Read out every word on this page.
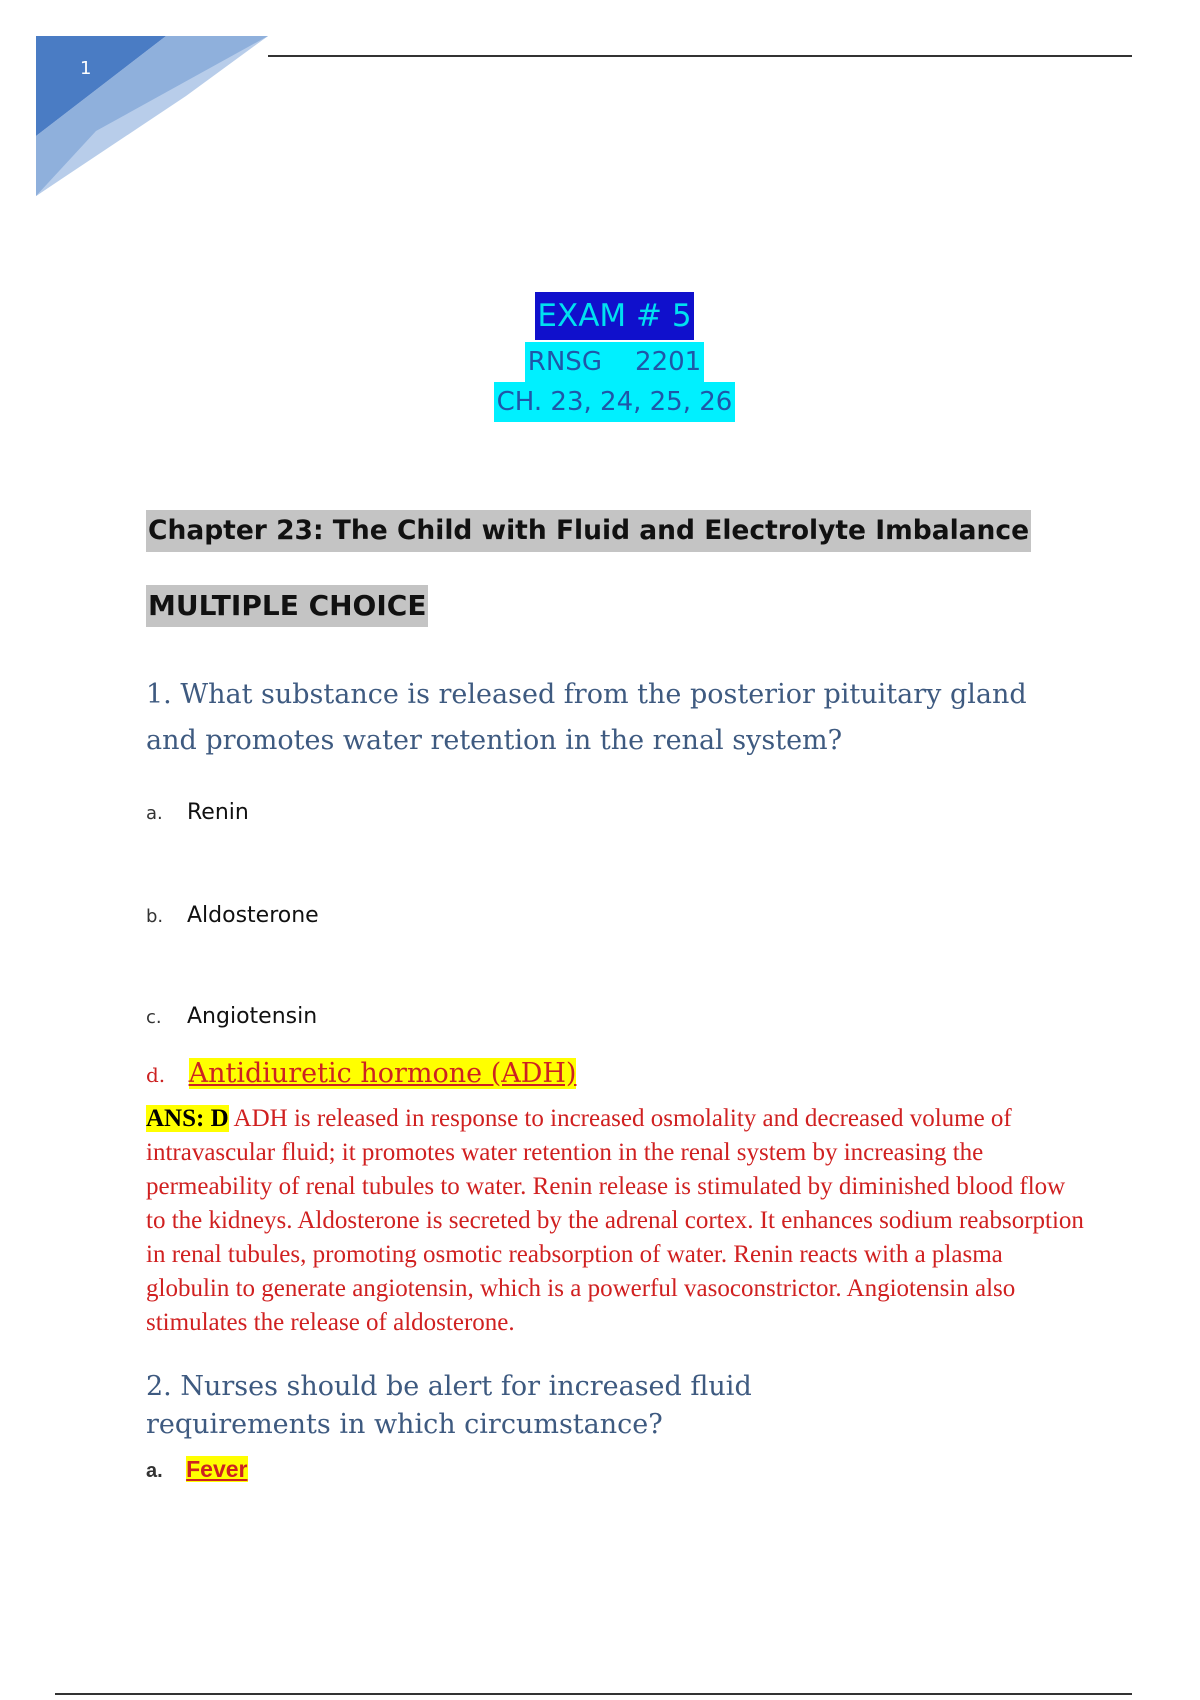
1
EXAM # 5
RNSG    2201
CH. 23, 24, 25, 26
Chapter 23: The Child with Fluid and Electrolyte Imbalance
MULTIPLE CHOICE
1. What substance is released from the posterior pituitary gland and promotes water retention in the renal system?
a. Renin
b. Aldosterone
c. Angiotensin
d. Antidiuretic hormone (ADH)
ANS: D ADH is released in response to increased osmolality and decreased volume of intravascular fluid; it promotes water retention in the renal system by increasing the permeability of renal tubules to water. Renin release is stimulated by diminished blood flow to the kidneys. Aldosterone is secreted by the adrenal cortex. It enhances sodium reabsorption in renal tubules, promoting osmotic reabsorption of water. Renin reacts with a plasma globulin to generate angiotensin, which is a powerful vasoconstrictor. Angiotensin also stimulates the release of aldosterone.
2. Nurses should be alert for increased fluid requirements in which circumstance?
a. Fever
